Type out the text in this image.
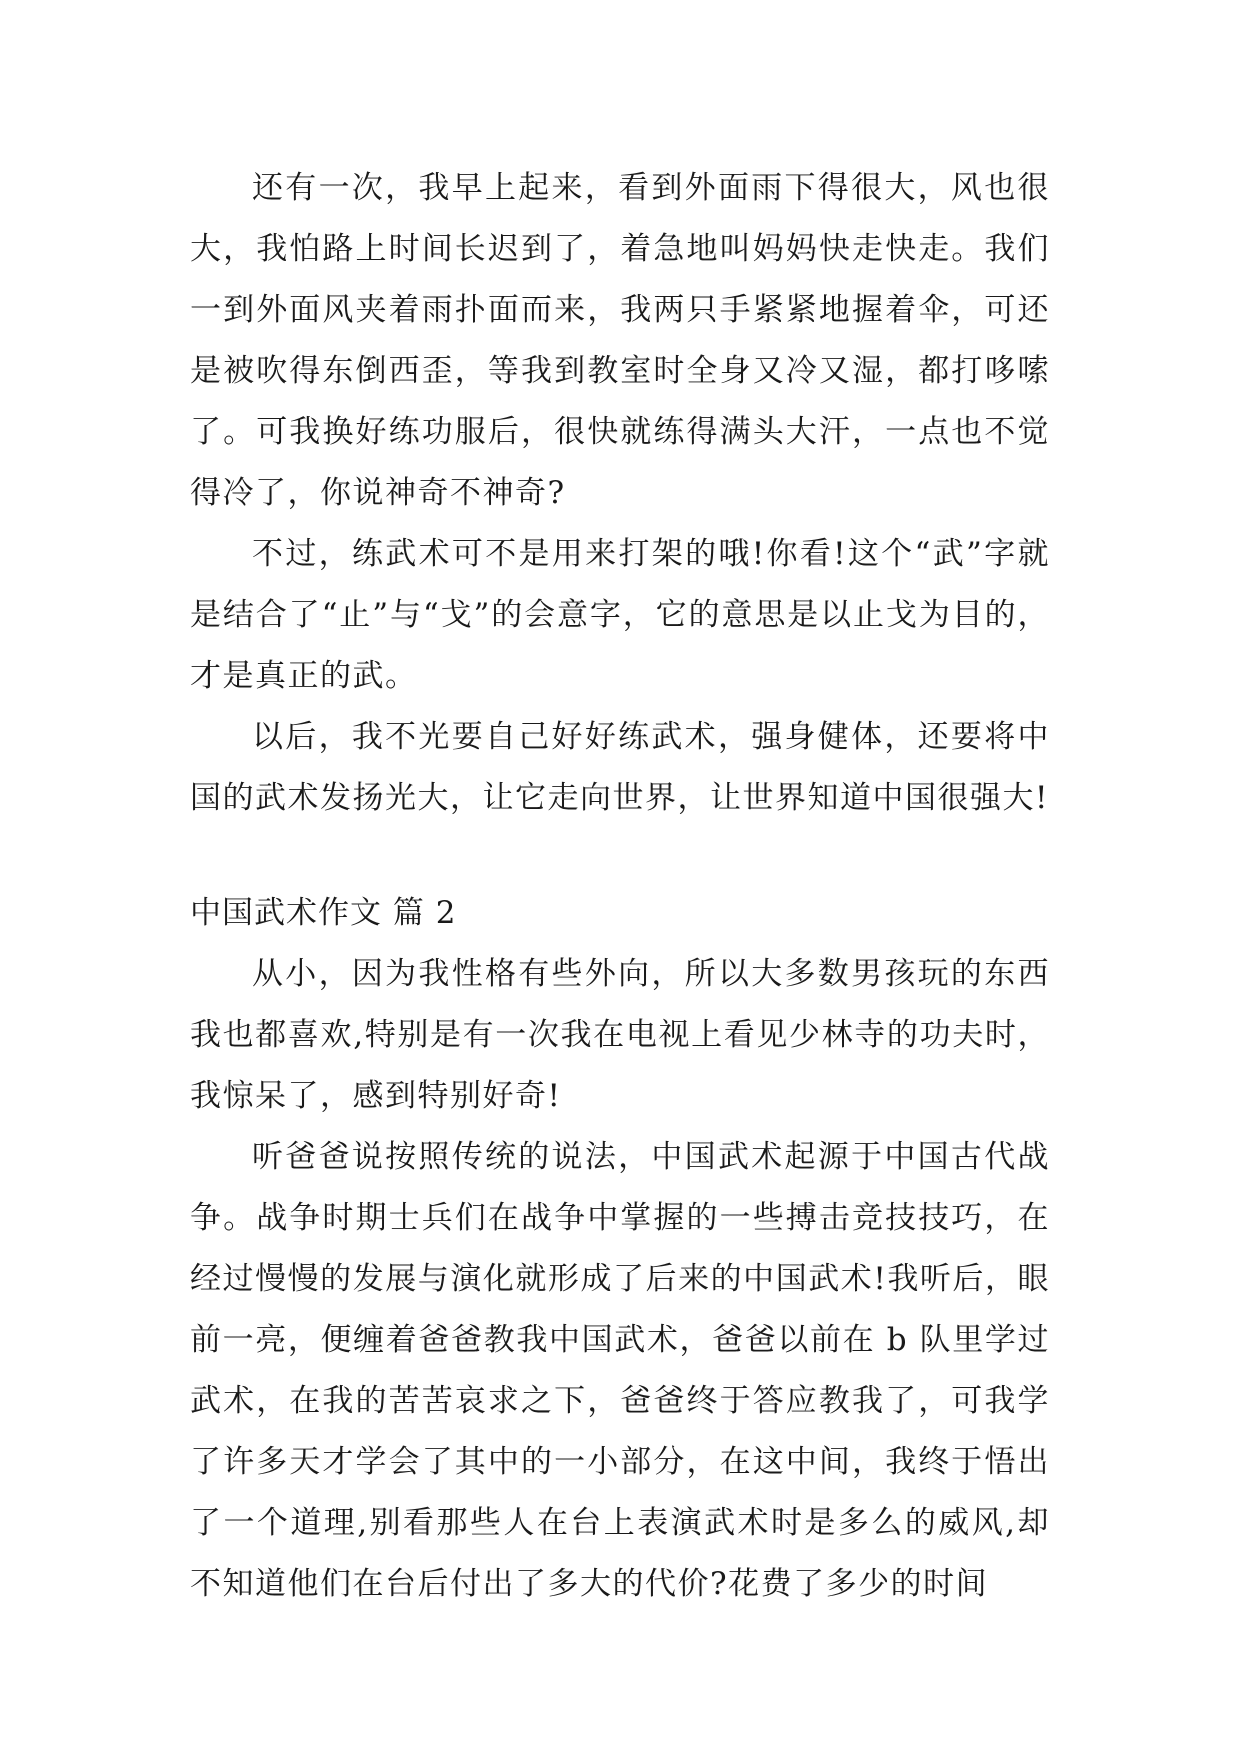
还有一次，我早上起来，看到外面雨下得很大，风也很大，我怕路上时间长迟到了，着急地叫妈妈快走快走。我们一到外面风夹着雨扑面而来，我两只手紧紧地握着伞，可还是被吹得东倒西歪，等我到教室时全身又冷又湿，都打哆嗦了。可我换好练功服后，很快就练得满头大汗，一点也不觉得冷了，你说神奇不神奇?

不过，练武术可不是用来打架的哦!你看!这个“武”字就是结合了“止”与“戈”的会意字，它的意思是以止戈为目的，才是真正的武。

以后，我不光要自己好好练武术，强身健体，还要将中国的武术发扬光大，让它走向世界，让世界知道中国很强大!

中国武术作文 篇 2

从小，因为我性格有些外向，所以大多数男孩玩的东西我也都喜欢,特别是有一次我在电视上看见少林寺的功夫时，我惊呆了，感到特别好奇!

听爸爸说按照传统的说法，中国武术起源于中国古代战争。战争时期士兵们在战争中掌握的一些搏击竞技技巧，在经过慢慢的发展与演化就形成了后来的中国武术!我听后，眼前一亮，便缠着爸爸教我中国武术，爸爸以前在 b 队里学过武术，在我的苦苦哀求之下，爸爸终于答应教我了，可我学了许多天才学会了其中的一小部分，在这中间，我终于悟出了一个道理,别看那些人在台上表演武术时是多么的威风,却不知道他们在台后付出了多大的代价?花费了多少的时间
